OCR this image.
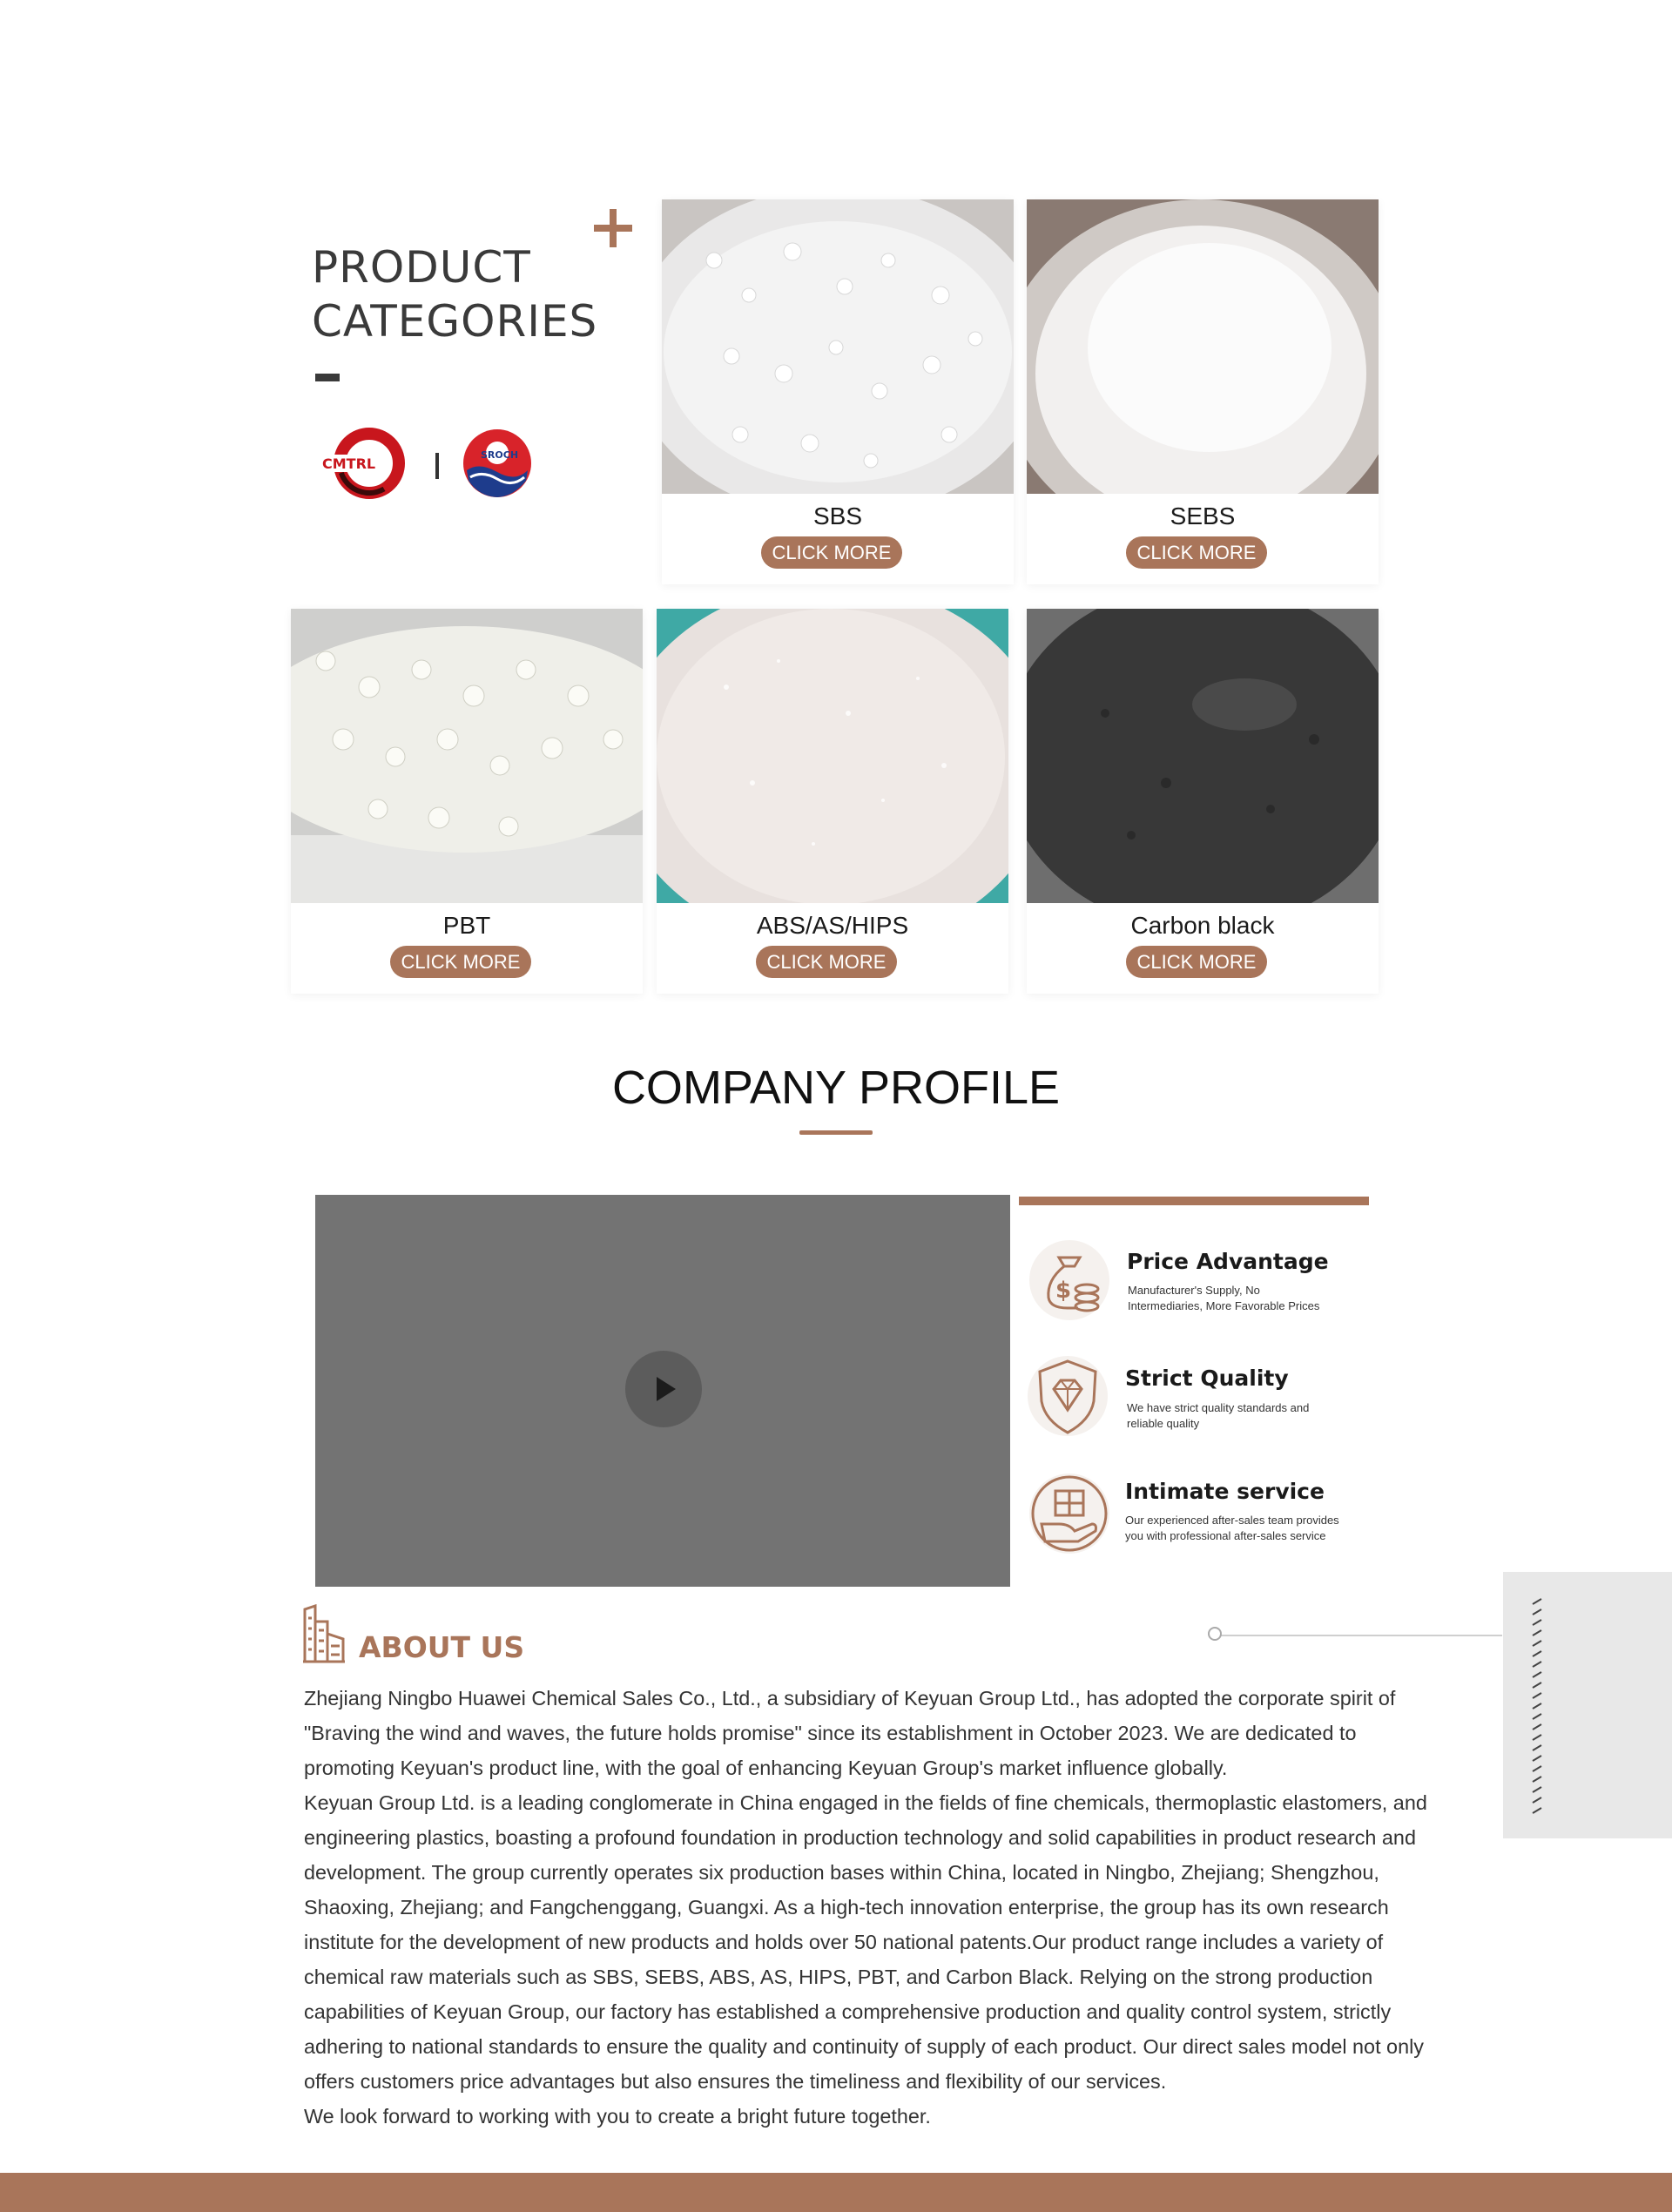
PRODUCT
CATEGORIES
CMTRL
SROCH
SBS
CLICK MORE
SEBS
CLICK MORE
PBT
CLICK MORE
ABS/AS/HIPS
CLICK MORE
Carbon black
CLICK MORE
COMPANY PROFILE
$
Price Advantage
Manufacturer's Supply, No Intermediaries, More Favorable Prices
Strict Quality
We have strict quality standards and reliable quality
Intimate service
Our experienced after-sales team provides you with professional after-sales service
ABOUT US

Zhejiang Ningbo Huawei Chemical Sales Co., Ltd., a subsidiary of Keyuan Group Ltd., has adopted the corporate spirit of "Braving the wind and waves, the future holds promise" since its establishment in October 2023. We are dedicated to promoting Keyuan's product line, with the goal of enhancing Keyuan Group's market influence globally.

Keyuan Group Ltd. is a leading conglomerate in China engaged in the fields of fine chemicals, thermoplastic elastomers, and engineering plastics, boasting a profound foundation in production technology and solid capabilities in product research and development. The group currently operates six production bases within China, located in Ningbo, Zhejiang; Shengzhou, Shaoxing, Zhejiang; and Fangchenggang, Guangxi. As a high-tech innovation enterprise, the group has its own research institute for the development of new products and holds over 50 national patents.Our product range includes a variety of chemical raw materials such as SBS, SEBS, ABS, AS, HIPS, PBT, and Carbon Black. Relying on the strong production capabilities of Keyuan Group, our factory has established a comprehensive production and quality control system, strictly adhering to national standards to ensure the quality and continuity of supply of each product. Our direct sales model not only offers customers price advantages but also ensures the timeliness and flexibility of our services.

We look forward to working with you to create a bright future together.
